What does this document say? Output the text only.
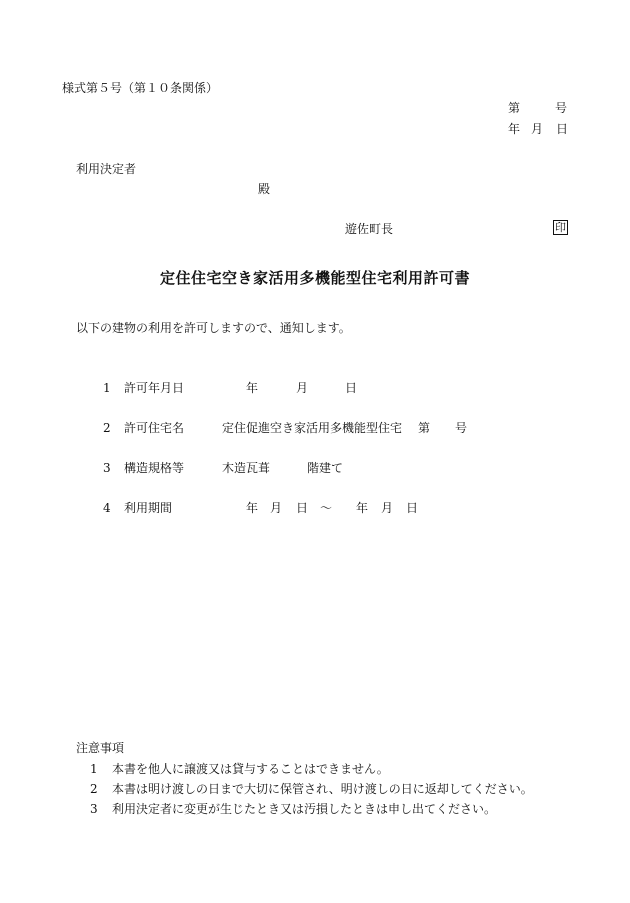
様式第５号（第１０条関係）
第	号
年 月 日
利用決定者
殿
遊佐町長	印
定住住宅空き家活用多機能型住宅利用許可書
以下の建物の利用を許可しますので、通知します。
1 許可年月日	年	月	日
2 許可住宅名	定住促進空き家活用多機能型住宅 第 号
3 構造規格等	木造瓦葺	階建て
4 利用期間	年 月 日 ～ 年 月 日
注意事項
1 本書を他人に譲渡又は貸与することはできません。
2 本書は明け渡しの日まで大切に保管され、明け渡しの日に返却してください。
3 利用決定者に変更が生じたとき又は汚損したときは申し出てください。
